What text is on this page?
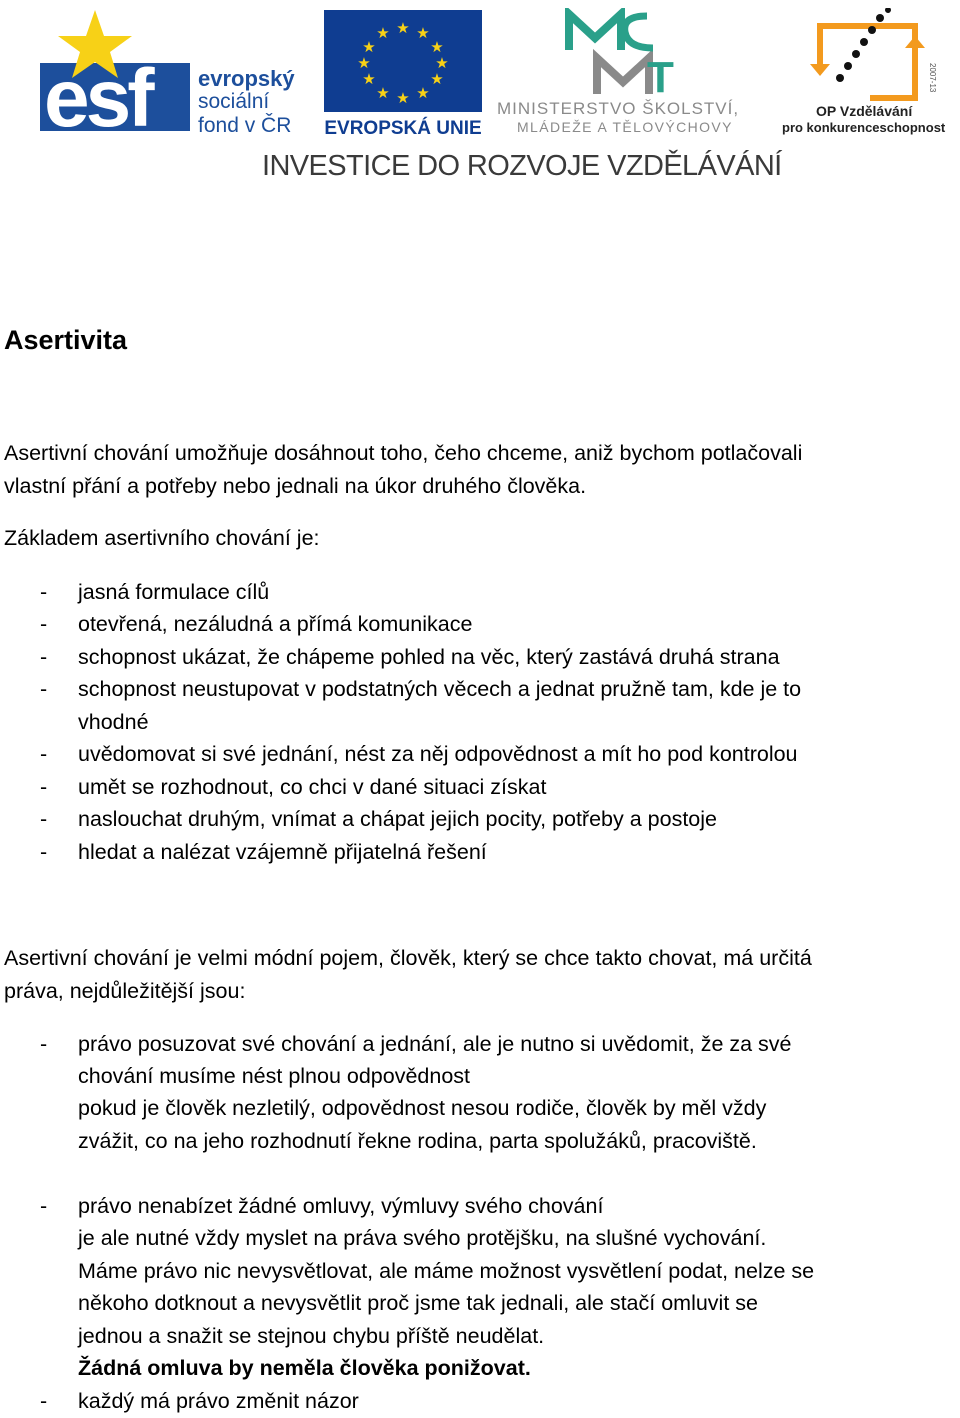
esf evropský
sociální
fond v ČR
★ ★
★
★
★
★
★
★
★
★
★
★
EVROPSKÁ UNIE
T
MINISTERSTVO ŠKOLSTVÍ,
MLÁDEŽE A TĚLOVÝCHOVY
2007-13
OP Vzdělávání
pro konkurenceschopnost
INVESTICE DO ROZVOJE VZDĚLÁVÁNÍ
Asertivita
Asertivní chování umožňuje dosáhnout toho, čeho chceme, aniž bychom potlačovali
vlastní přání a potřeby nebo jednali na úkor druhého člověka.
Základem asertivního chování je:
- jasná formulace cílů
- otevřená, nezáludná a přímá komunikace
- schopnost ukázat, že chápeme pohled na věc, který zastává druhá strana
- schopnost neustupovat v podstatných věcech a jednat pružně tam, kde je to
vhodné
- uvědomovat si své jednání, nést za něj odpovědnost a mít ho pod kontrolou
- umět se rozhodnout, co chci v dané situaci získat
- naslouchat druhým, vnímat a chápat jejich pocity, potřeby a postoje
- hledat a nalézat vzájemně přijatelná řešení
Asertivní chování je velmi módní pojem, člověk, který se chce takto chovat, má určitá
práva, nejdůležitější jsou:
- právo posuzovat své chování a jednání, ale je nutno si uvědomit, že za své
chování musíme nést plnou odpovědnost
pokud je člověk nezletilý, odpovědnost nesou rodiče, člověk by měl vždy
zvážit, co na jeho rozhodnutí řekne rodina, parta spolužáků, pracoviště.
- právo nenabízet žádné omluvy, výmluvy svého chování
je ale nutné vždy myslet na práva svého protějšku, na slušné vychování.
Máme právo nic nevysvětlovat, ale máme možnost vysvětlení podat, nelze se
někoho dotknout a nevysvětlit proč jsme tak jednali, ale stačí omluvit se
jednou a snažit se stejnou chybu příště neudělat.
Žádná omluva by neměla člověka ponižovat.
- každý má právo změnit názor
